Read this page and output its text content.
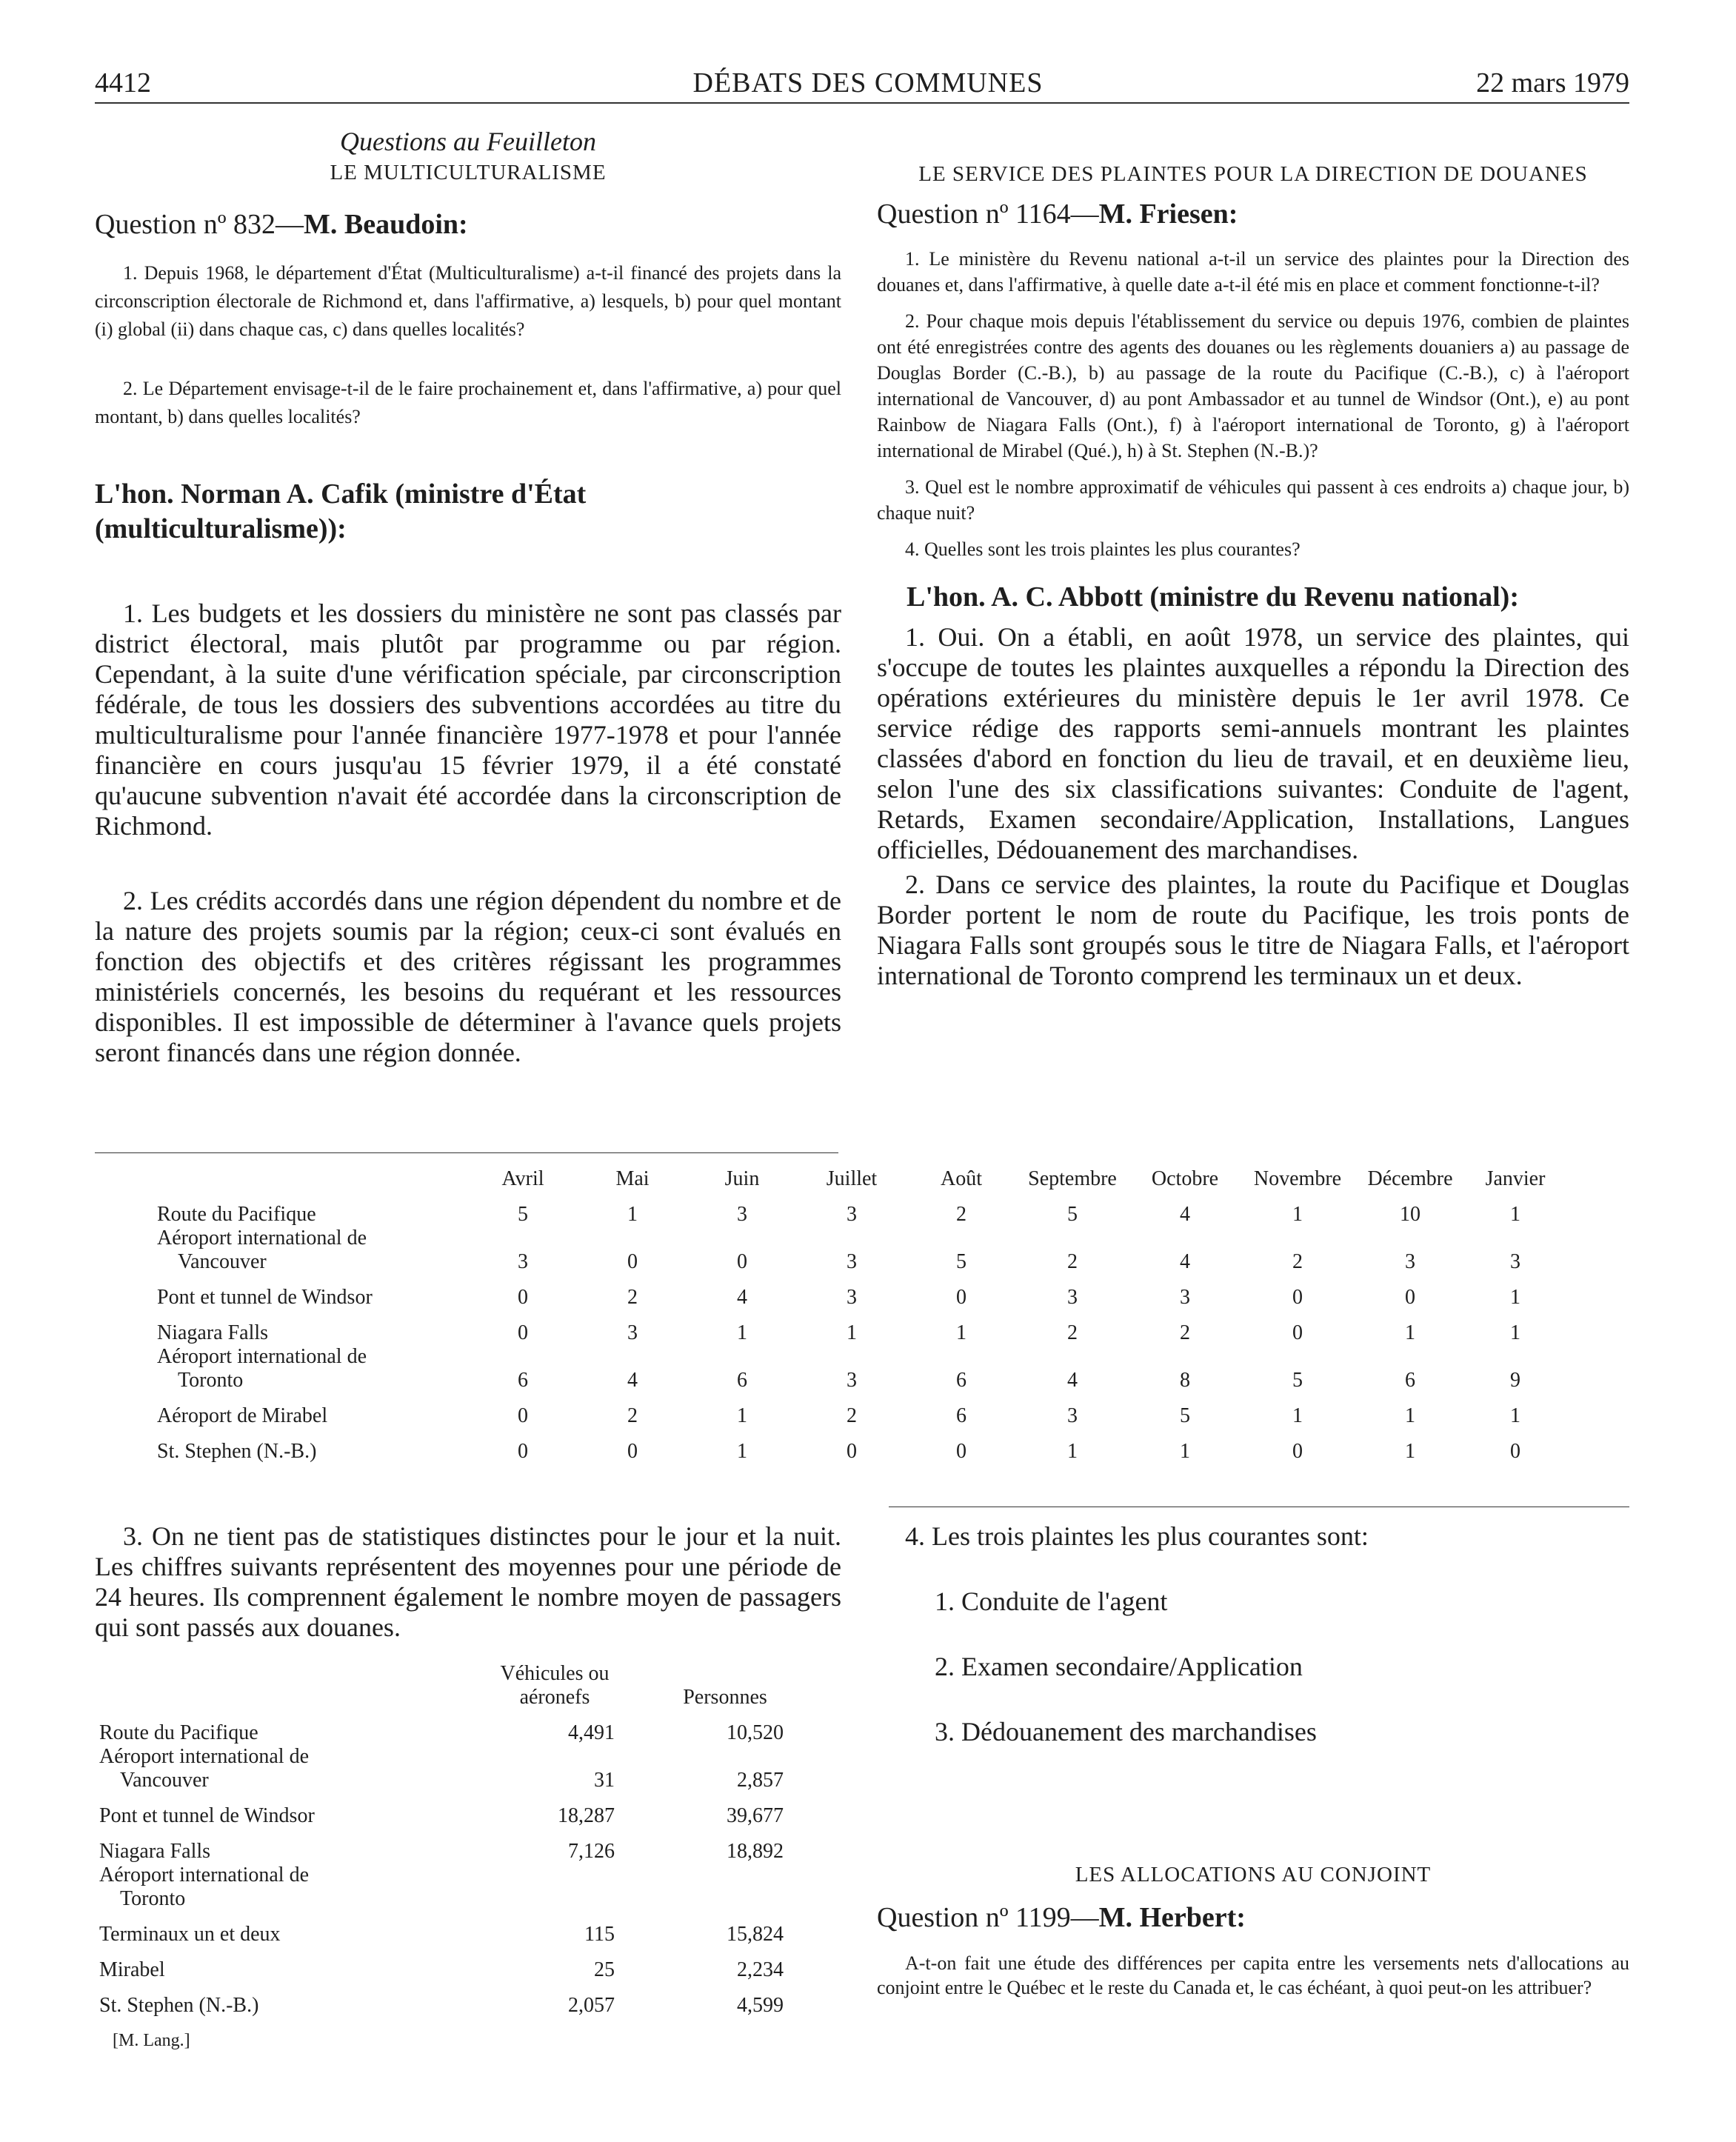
4412	DÉBATS DES COMMUNES	22 mars 1979
Questions au Feuilleton
LE MULTICULTURALISME
Question nº 832—M. Beaudoin:

1. Depuis 1968, le département d'État (Multiculturalisme) a-t-il financé des projets dans la circonscription électorale de Richmond et, dans l'affirmative, a) lesquels, b) pour quel montant (i) global (ii) dans chaque cas, c) dans quelles localités?

2. Le Département envisage-t-il de le faire prochainement et, dans l'affirmative, a) pour quel montant, b) dans quelles localités?

L'hon. Norman A. Cafik (ministre d'État (multiculturalisme)):

1. Les budgets et les dossiers du ministère ne sont pas classés par district électoral, mais plutôt par programme ou par région. Cependant, à la suite d'une vérification spéciale, par circonscription fédérale, de tous les dossiers des subventions accordées au titre du multiculturalisme pour l'année financière 1977-1978 et pour l'année financière en cours jusqu'au 15 février 1979, il a été constaté qu'aucune subvention n'avait été accordée dans la circonscription de Richmond.

2. Les crédits accordés dans une région dépendent du nombre et de la nature des projets soumis par la région; ceux-ci sont évalués en fonction des objectifs et des critères régissant les programmes ministériels concernés, les besoins du requérant et les ressources disponibles. Il est impossible de déterminer à l'avance quels projets seront financés dans une région donnée.

LE SERVICE DES PLAINTES POUR LA DIRECTION DE DOUANES
Question nº 1164—M. Friesen:

1. Le ministère du Revenu national a-t-il un service des plaintes pour la Direction des douanes et, dans l'affirmative, à quelle date a-t-il été mis en place et comment fonctionne-t-il?

2. Pour chaque mois depuis l'établissement du service ou depuis 1976, combien de plaintes ont été enregistrées contre des agents des douanes ou les règlements douaniers a) au passage de Douglas Border (C.-B.), b) au passage de la route du Pacifique (C.-B.), c) à l'aéroport international de Vancouver, d) au pont Ambassador et au tunnel de Windsor (Ont.), e) au pont Rainbow de Niagara Falls (Ont.), f) à l'aéroport international de Toronto, g) à l'aéroport international de Mirabel (Qué.), h) à St. Stephen (N.-B.)?

3. Quel est le nombre approximatif de véhicules qui passent à ces endroits a) chaque jour, b) chaque nuit?

4. Quelles sont les trois plaintes les plus courantes?

L'hon. A. C. Abbott (ministre du Revenu national):

1. Oui. On a établi, en août 1978, un service des plaintes, qui s'occupe de toutes les plaintes auxquelles a répondu la Direction des opérations extérieures du ministère depuis le 1er avril 1978. Ce service rédige des rapports semi-annuels montrant les plaintes classées d'abord en fonction du lieu de travail, et en deuxième lieu, selon l'une des six classifications suivantes: Conduite de l'agent, Retards, Examen secondaire/Application, Installations, Langues officielles, Dédouanement des marchandises.

2. Dans ce service des plaintes, la route du Pacifique et Douglas Border portent le nom de route du Pacifique, les trois ponts de Niagara Falls sont groupés sous le titre de Niagara Falls, et l'aéroport international de Toronto comprend les terminaux un et deux.

	Avril	Mai	Juin	Juillet	Août	Septembre	Octobre	Novembre	Décembre	Janvier

Route du Pacifique	5	1	3	3	2	5	4	1	10	1

Aéroport international de
Vancouver	3	0	0	3	5	2	4	2	3	3

Pont et tunnel de Windsor	0	2	4	3	0	3	3	0	0	1

Niagara Falls	0	3	1	1	1	2	2	0	1	1

Aéroport international de
Toronto	6	4	6	3	6	4	8	5	6	9

Aéroport de Mirabel	0	2	1	2	6	3	5	1	1	1

St. Stephen (N.-B.)	0	0	1	0	0	1	1	0	1	0

3. On ne tient pas de statistiques distinctes pour le jour et la nuit. Les chiffres suivants représentent des moyennes pour une période de 24 heures. Ils comprennent également le nombre moyen de passagers qui sont passés aux douanes.

	Véhicules ou
aéronefs	Personnes

Route du Pacifique	4,491	10,520

Aéroport international de
Vancouver	31	2,857

Pont et tunnel de Windsor	18,287	39,677

Niagara Falls	7,126	18,892

Aéroport international de
Toronto		

Terminaux un et deux	115	15,824

Mirabel	25	2,234

St. Stephen (N.-B.)	2,057	4,599
[M. Lang.]
4. Les trois plaintes les plus courantes sont:
1. Conduite de l'agent
2. Examen secondaire/Application
3. Dédouanement des marchandises
LES ALLOCATIONS AU CONJOINT
Question nº 1199—M. Herbert:

A-t-on fait une étude des différences per capita entre les versements nets d'allocations au conjoint entre le Québec et le reste du Canada et, le cas échéant, à quoi peut-on les attribuer?
